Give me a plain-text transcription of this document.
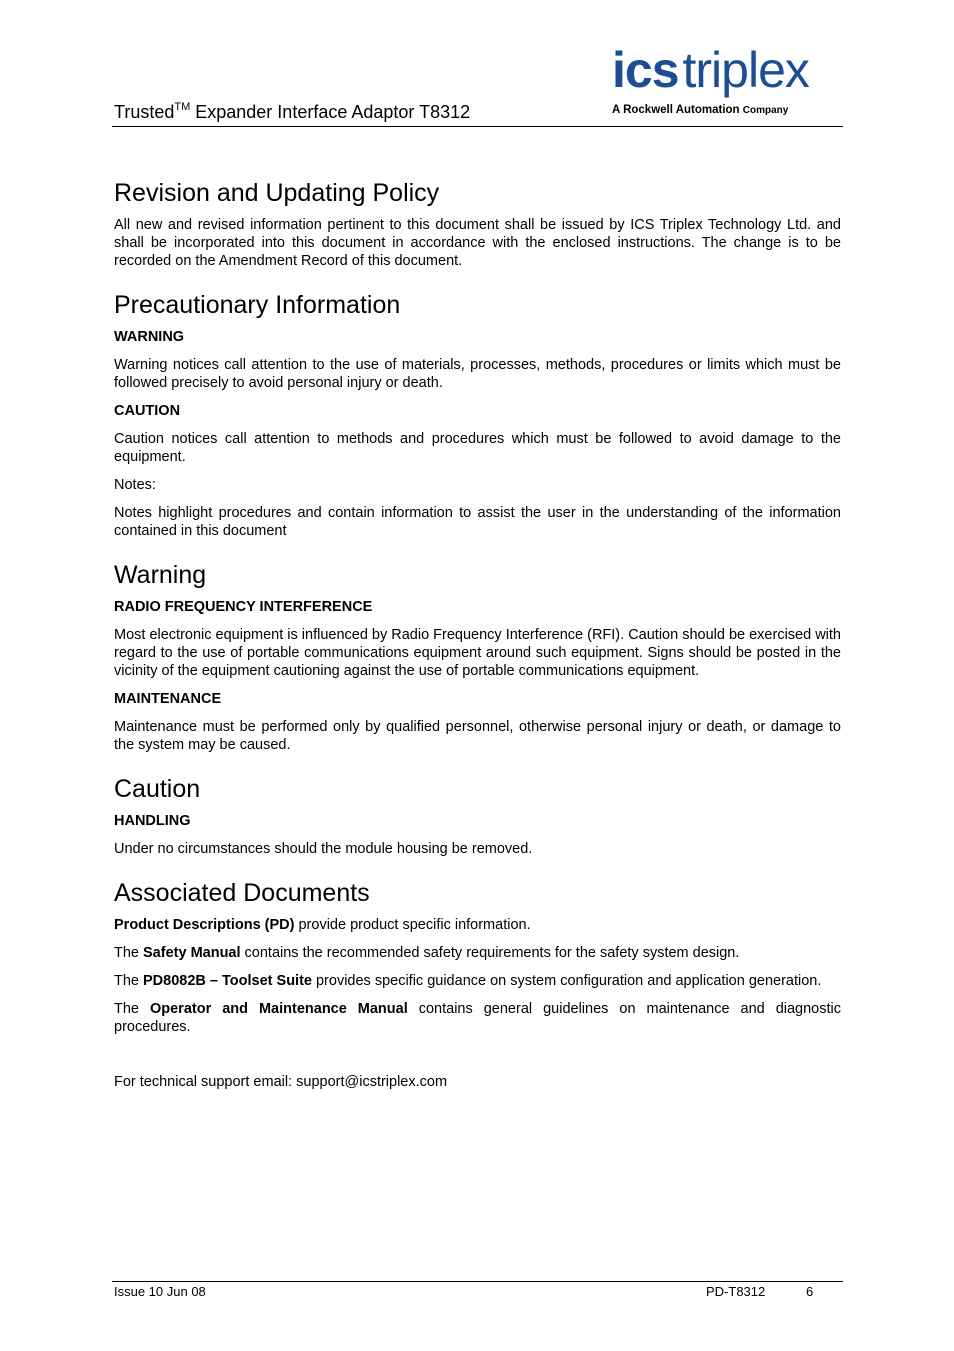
Trusted™ Expander Interface Adaptor T8312
icstriplex
A Rockwell Automation Company
Revision and Updating Policy

All new and revised information pertinent to this document shall be issued by ICS Triplex Technology Ltd. and shall be incorporated into this document in accordance with the enclosed instructions. The change is to be recorded on the Amendment Record of this document.

Precautionary Information
WARNING

Warning notices call attention to the use of materials, processes, methods, procedures or limits which must be followed precisely to avoid personal injury or death.

CAUTION

Caution notices call attention to methods and procedures which must be followed to avoid damage to the equipment.

Notes:

Notes highlight procedures and contain information to assist the user in the understanding of the information contained in this document

Warning
RADIO FREQUENCY INTERFERENCE

Most electronic equipment is influenced by Radio Frequency Interference (RFI). Caution should be exercised with regard to the use of portable communications equipment around such equipment. Signs should be posted in the vicinity of the equipment cautioning against the use of portable communications equipment.

MAINTENANCE

Maintenance must be performed only by qualified personnel, otherwise personal injury or death, or damage to the system may be caused.

Caution
HANDLING

Under no circumstances should the module housing be removed.

Associated Documents

Product Descriptions (PD) provide product specific information.

The Safety Manual contains the recommended safety requirements for the safety system design.

The PD8082B – Toolset Suite provides specific guidance on system configuration and application generation.

The Operator and Maintenance Manual contains general guidelines on maintenance and diagnostic procedures.

For technical support email: support@icstriplex.com

Issue 10 Jun 08	PD-T8312	6
